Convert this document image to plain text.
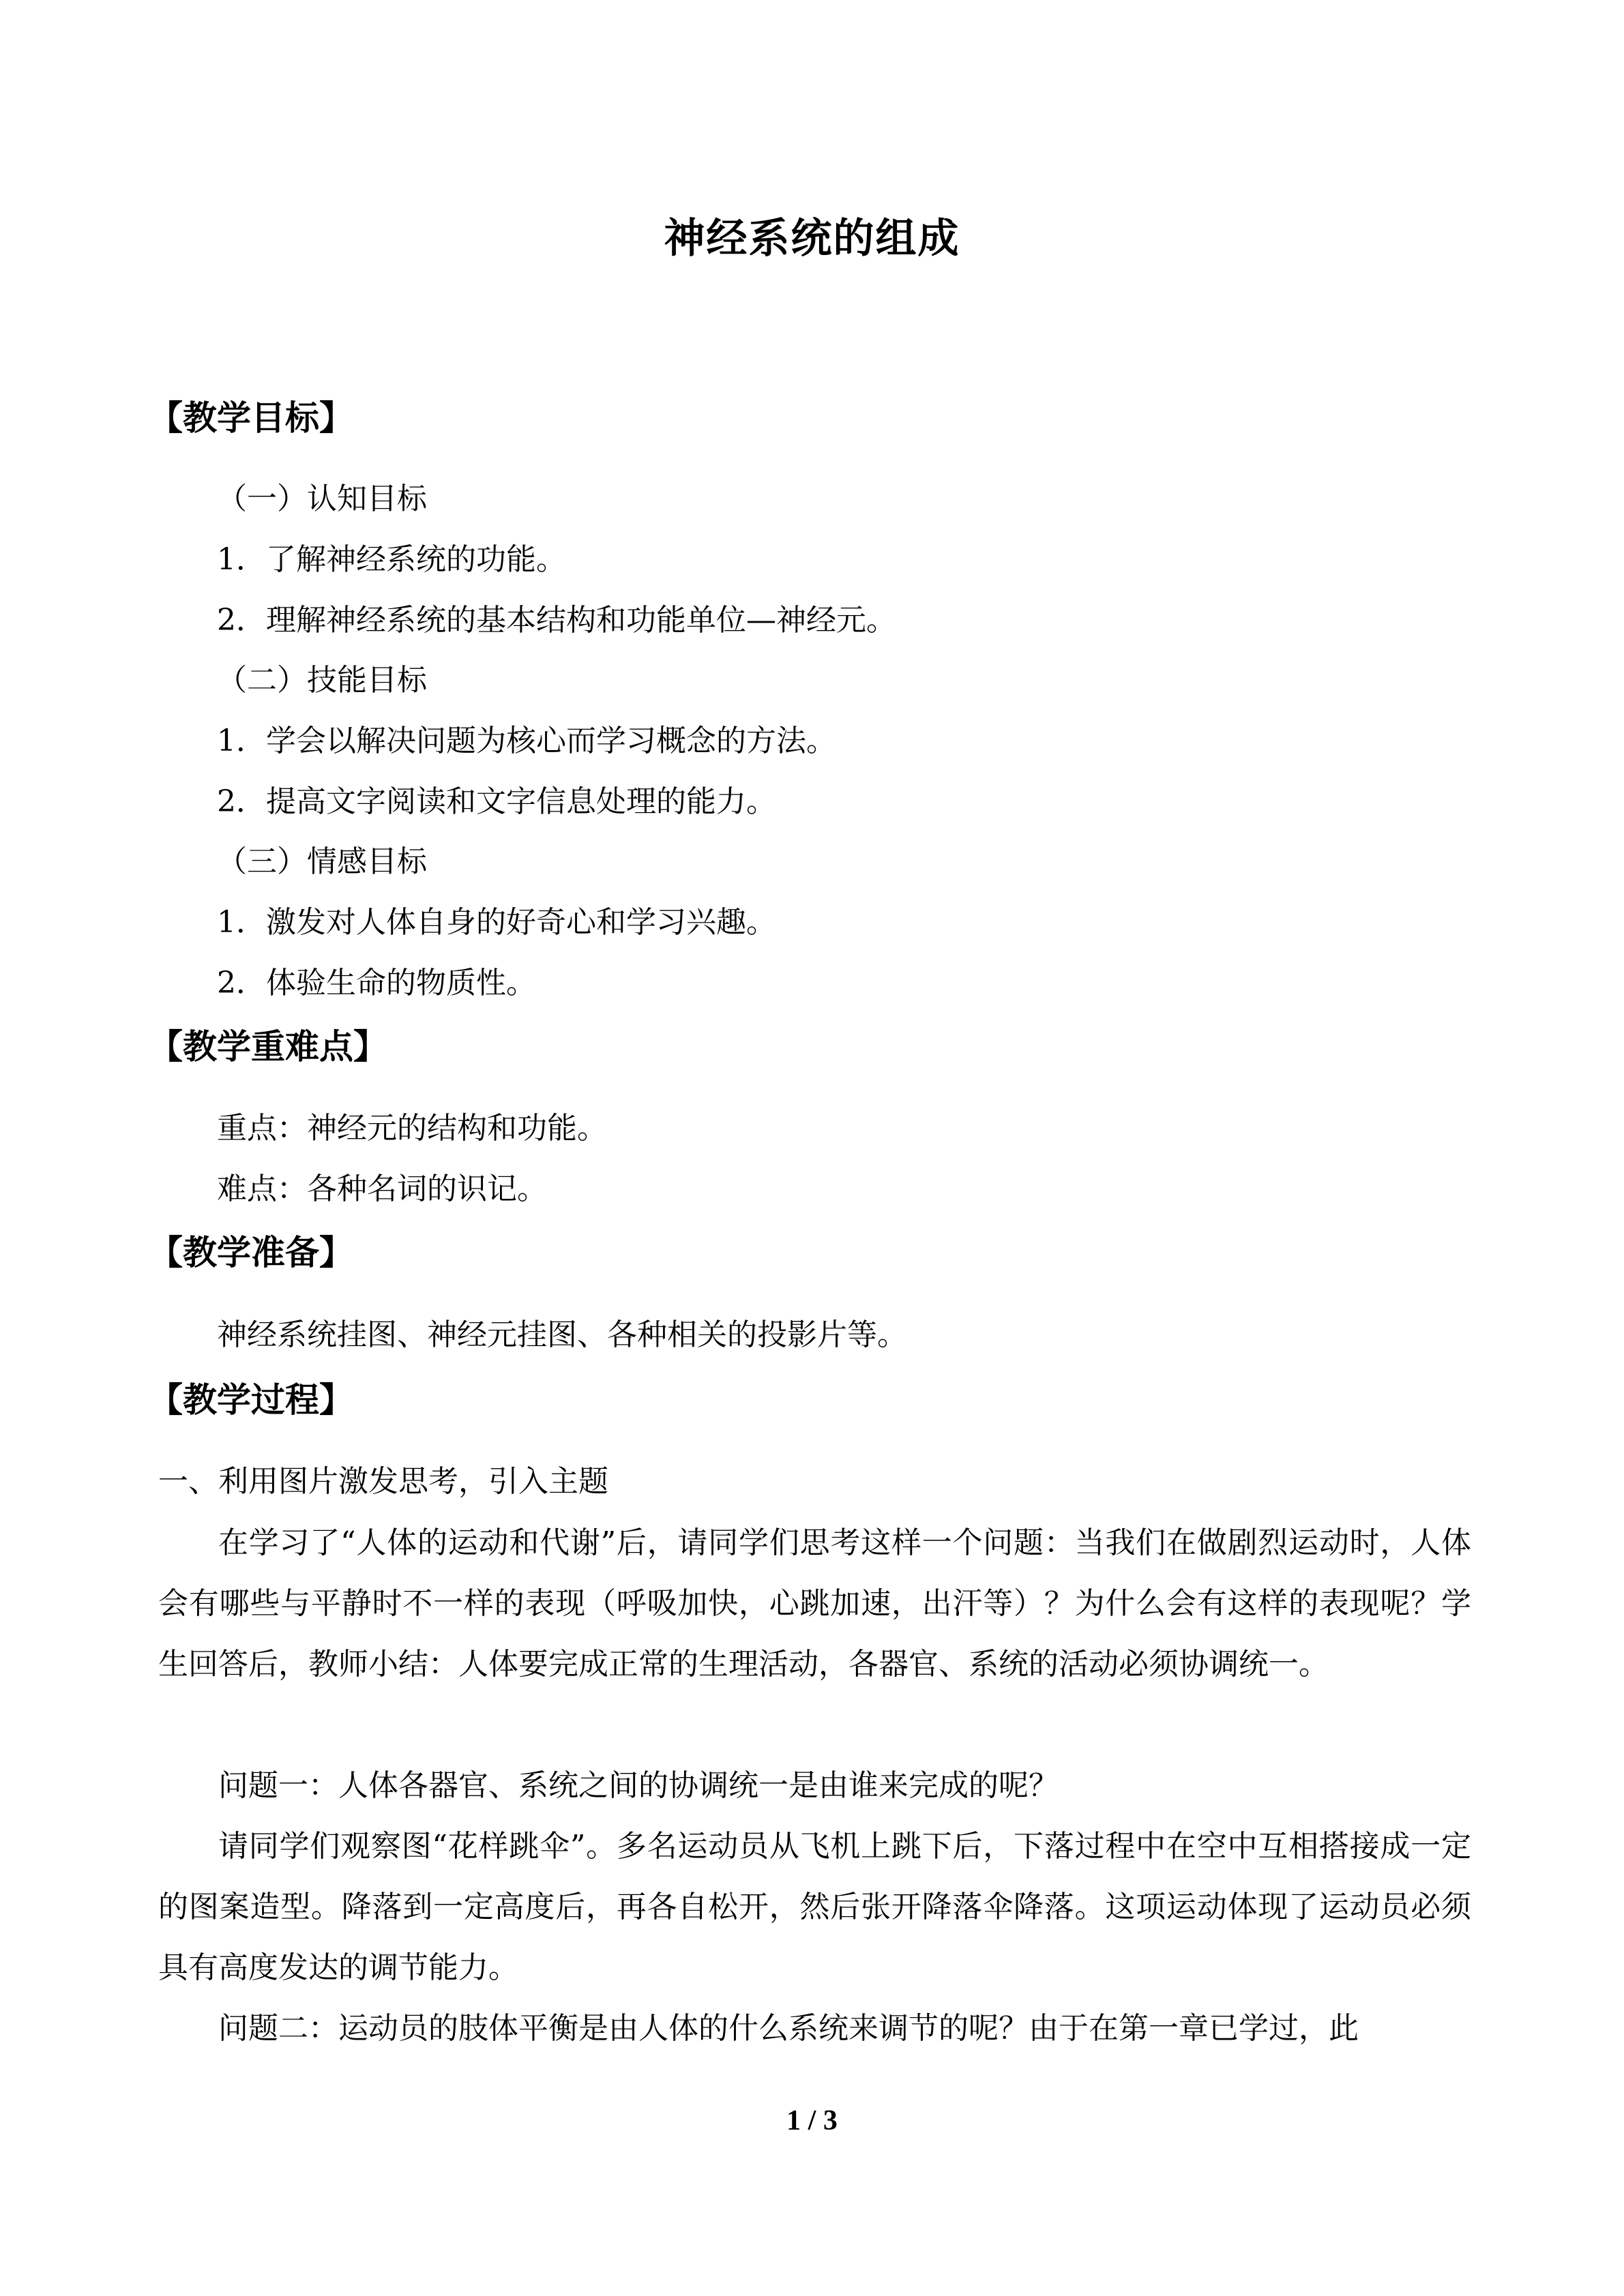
神经系统的组成
【教学目标】
（一）认知目标
1．了解神经系统的功能。
2．理解神经系统的基本结构和功能单位—神经元。
（二）技能目标
1．学会以解决问题为核心而学习概念的方法。
2．提高文字阅读和文字信息处理的能力。
（三）情感目标
1．激发对人体自身的好奇心和学习兴趣。
2．体验生命的物质性。
【教学重难点】
重点：神经元的结构和功能。
难点：各种名词的识记。
【教学准备】
神经系统挂图、神经元挂图、各种相关的投影片等。
【教学过程】
一、利用图片激发思考，引入主题

在学习了“人体的运动和代谢”后，请同学们思考这样一个问题：当我们在做剧烈运动时，人体会有哪些与平静时不一样的表现（呼吸加快，心跳加速，出汗等）？为什么会有这样的表现呢？学生回答后，教师小结：人体要完成正常的生理活动，各器官、系统的活动必须协调统一。

问题一：人体各器官、系统之间的协调统一是由谁来完成的呢？

请同学们观察图“花样跳伞”。多名运动员从飞机上跳下后，下落过程中在空中互相搭接成一定的图案造型。降落到一定高度后，再各自松开，然后张开降落伞降落。这项运动体现了运动员必须具有高度发达的调节能力。

问题二：运动员的肢体平衡是由人体的什么系统来调节的呢？由于在第一章已学过，此

1 / 3
